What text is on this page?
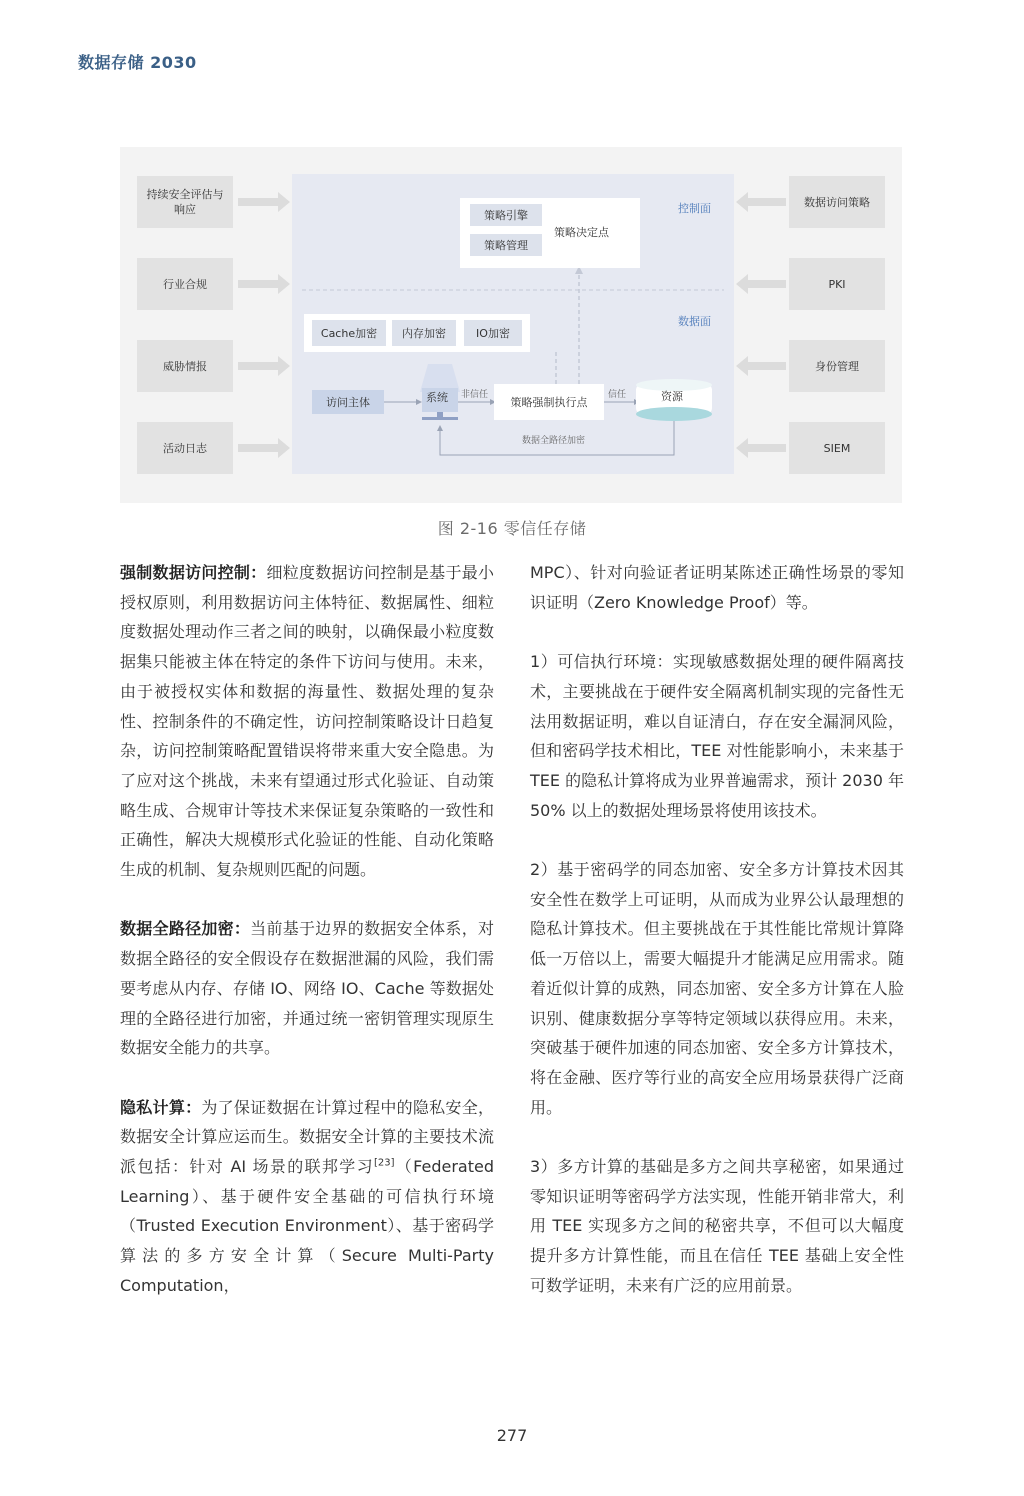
数据存储 2030
持续安全评估与响应
行业合规
威胁情报
活动日志
数据访问策略
PKI
身份管理
SIEM
控制面
数据面
策略引擎
策略管理
策略决定点
Cache加密	内存加密	IO加密
访问主体	系统 非信任
策略强制执行点
信任	资源
数据全路径加密
图 2-16 零信任存储

强制数据访问控制：细粒度数据访问控制是基于最小授权原则，利用数据访问主体特征、数据属性、细粒度数据处理动作三者之间的映射，以确保最小粒度数据集只能被主体在特定的条件下访问与使用。未来，由于被授权实体和数据的海量性、数据处理的复杂性、控制条件的不确定性，访问控制策略设计日趋复杂，访问控制策略配置错误将带来重大安全隐患。为了应对这个挑战，未来有望通过形式化验证、自动策略生成、合规审计等技术来保证复杂策略的一致性和正确性，解决大规模形式化验证的性能、自动化策略生成的机制、复杂规则匹配的问题。

数据全路径加密：当前基于边界的数据安全体系，对数据全路径的安全假设存在数据泄漏的风险，我们需要考虑从内存、存储 IO、网络 IO、Cache 等数据处理的全路径进行加密，并通过统一密钥管理实现原生数据安全能力的共享。

隐私计算：为了保证数据在计算过程中的隐私安全，数据安全计算应运而生。数据安全计算的主要技术流派包括：针对 AI 场景的联邦学习[23]（Federated Learning）、基于硬件安全基础的可信执行环境（Trusted Execution Environment）、基于密码学算法的多方安全计算（Secure Multi-Party Computation，

MPC）、针对向验证者证明某陈述正确性场景的零知识证明（Zero Knowledge Proof）等。

1）可信执行环境：实现敏感数据处理的硬件隔离技术，主要挑战在于硬件安全隔离机制实现的完备性无法用数据证明，难以自证清白，存在安全漏洞风险，但和密码学技术相比，TEE 对性能影响小，未来基于 TEE 的隐私计算将成为业界普遍需求，预计 2030 年 50% 以上的数据处理场景将使用该技术。

2）基于密码学的同态加密、安全多方计算技术因其安全性在数学上可证明，从而成为业界公认最理想的隐私计算技术。但主要挑战在于其性能比常规计算降低一万倍以上，需要大幅提升才能满足应用需求。随着近似计算的成熟，同态加密、安全多方计算在人脸识别、健康数据分享等特定领域以获得应用。未来，突破基于硬件加速的同态加密、安全多方计算技术，将在金融、医疗等行业的高安全应用场景获得广泛商用。

3）多方计算的基础是多方之间共享秘密，如果通过零知识证明等密码学方法实现，性能开销非常大，利用 TEE 实现多方之间的秘密共享，不但可以大幅度提升多方计算性能，而且在信任 TEE 基础上安全性可数学证明，未来有广泛的应用前景。

277
